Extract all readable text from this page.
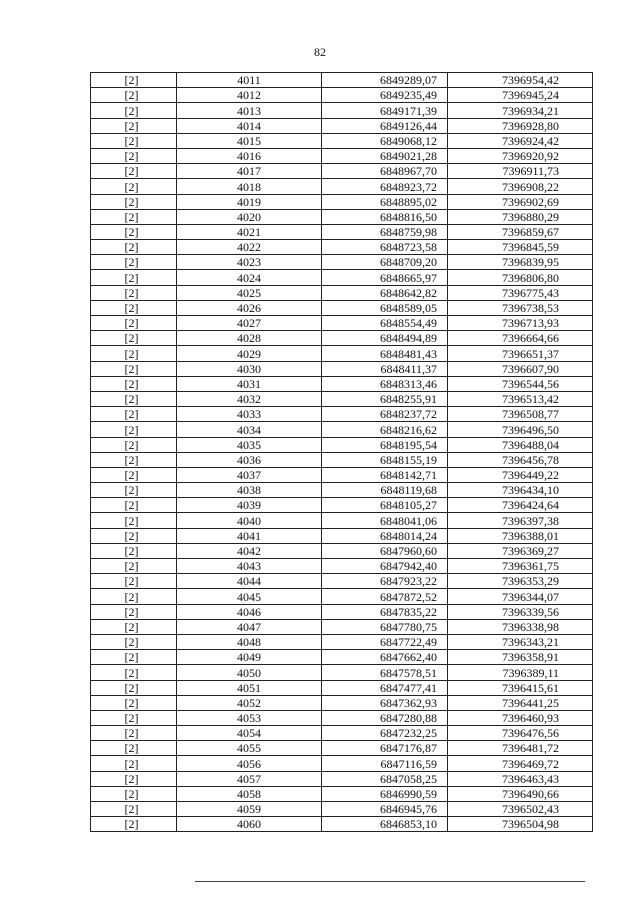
82
[2]	4011	6849289,07	7396954,42
[2]	4012	6849235,49	7396945,24
[2]	4013	6849171,39	7396934,21
[2]	4014	6849126,44	7396928,80
[2]	4015	6849068,12	7396924,42
[2]	4016	6849021,28	7396920,92
[2]	4017	6848967,70	7396911,73
[2]	4018	6848923,72	7396908,22
[2]	4019	6848895,02	7396902,69
[2]	4020	6848816,50	7396880,29
[2]	4021	6848759,98	7396859,67
[2]	4022	6848723,58	7396845,59
[2]	4023	6848709,20	7396839,95
[2]	4024	6848665,97	7396806,80
[2]	4025	6848642,82	7396775,43
[2]	4026	6848589,05	7396738,53
[2]	4027	6848554,49	7396713,93
[2]	4028	6848494,89	7396664,66
[2]	4029	6848481,43	7396651,37
[2]	4030	6848411,37	7396607,90
[2]	4031	6848313,46	7396544,56
[2]	4032	6848255,91	7396513,42
[2]	4033	6848237,72	7396508,77
[2]	4034	6848216,62	7396496,50
[2]	4035	6848195,54	7396488,04
[2]	4036	6848155,19	7396456,78
[2]	4037	6848142,71	7396449,22
[2]	4038	6848119,68	7396434,10
[2]	4039	6848105,27	7396424,64
[2]	4040	6848041,06	7396397,38
[2]	4041	6848014,24	7396388,01
[2]	4042	6847960,60	7396369,27
[2]	4043	6847942,40	7396361,75
[2]	4044	6847923,22	7396353,29
[2]	4045	6847872,52	7396344,07
[2]	4046	6847835,22	7396339,56
[2]	4047	6847780,75	7396338,98
[2]	4048	6847722,49	7396343,21
[2]	4049	6847662,40	7396358,91
[2]	4050	6847578,51	7396389,11
[2]	4051	6847477,41	7396415,61
[2]	4052	6847362,93	7396441,25
[2]	4053	6847280,88	7396460,93
[2]	4054	6847232,25	7396476,56
[2]	4055	6847176,87	7396481,72
[2]	4056	6847116,59	7396469,72
[2]	4057	6847058,25	7396463,43
[2]	4058	6846990,59	7396490,66
[2]	4059	6846945,76	7396502,43
[2]	4060	6846853,10	7396504,98
